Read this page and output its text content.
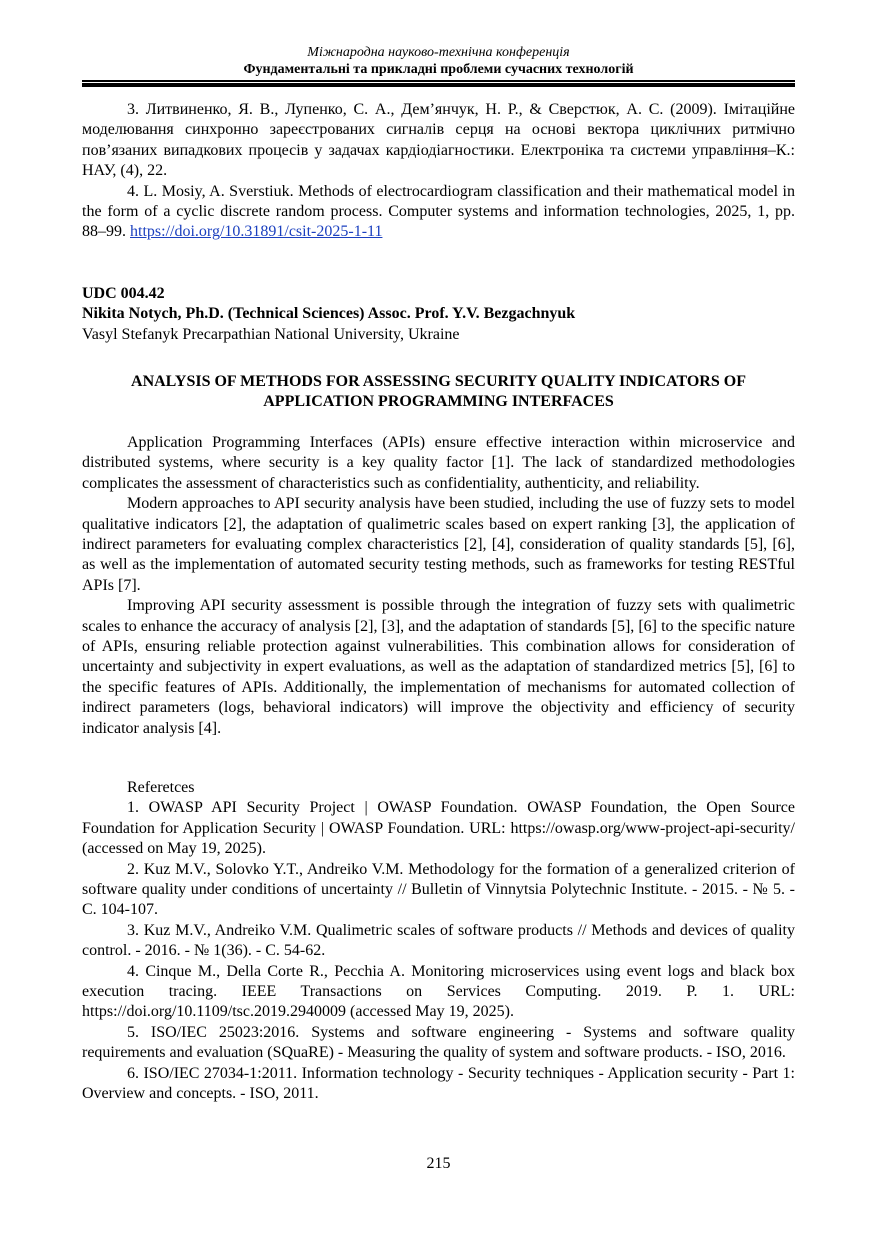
Міжнародна науково-технічна конференція
Фундаментальні та прикладні проблеми сучасних технологій

3. Литвиненко, Я. В., Лупенко, С. А., Дем’янчук, Н. Р., & Сверстюк, А. С. (2009). Імітаційне моделювання синхронно зареєстрованих сигналів серця на основі вектора циклічних ритмічно пов’язаних випадкових процесів у задачах кардіодіагностики. Електроніка та системи управління–К.: НАУ, (4), 22.

4. L. Mosiy, A. Sverstiuk. Methods of electrocardiogram classification and their mathematical model in the form of a cyclic discrete random process. Computer systems and information technologies, 2025, 1, pp. 88–99. https://doi.org/10.31891/csit-2025-1-11

UDC 004.42
Nikita Notych, Ph.D. (Technical Sciences) Assoc. Prof. Y.V. Bezgachnyuk
Vasyl Stefanyk Precarpathian National University, Ukraine
ANALYSIS OF METHODS FOR ASSESSING SECURITY QUALITY INDICATORS OF
APPLICATION PROGRAMMING INTERFACES

Application Programming Interfaces (APIs) ensure effective interaction within microservice and distributed systems, where security is a key quality factor [1]. The lack of standardized methodologies complicates the assessment of characteristics such as confidentiality, authenticity, and reliability.

Modern approaches to API security analysis have been studied, including the use of fuzzy sets to model qualitative indicators [2], the adaptation of qualimetric scales based on expert ranking [3], the application of indirect parameters for evaluating complex characteristics [2], [4], consideration of quality standards [5], [6], as well as the implementation of automated security testing methods, such as frameworks for testing RESTful APIs [7].

Improving API security assessment is possible through the integration of fuzzy sets with qualimetric scales to enhance the accuracy of analysis [2], [3], and the adaptation of standards [5], [6] to the specific nature of APIs, ensuring reliable protection against vulnerabilities. This combination allows for consideration of uncertainty and subjectivity in expert evaluations, as well as the adaptation of standardized metrics [5], [6] to the specific features of APIs. Additionally, the implementation of mechanisms for automated collection of indirect parameters (logs, behavioral indicators) will improve the objectivity and efficiency of security indicator analysis [4].

Referetces

1. OWASP API Security Project | OWASP Foundation. OWASP Foundation, the Open Source Foundation for Application Security | OWASP Foundation. URL: https://owasp.org/www-project-api-security/ (accessed on May 19, 2025).

2. Kuz M.V., Solovko Y.T., Andreiko V.M. Methodology for the formation of a generalized criterion of software quality under conditions of uncertainty // Bulletin of Vinnytsia Polytechnic Institute. - 2015. - № 5. - С. 104-107.

3. Kuz M.V., Andreiko V.M. Qualimetric scales of software products // Methods and devices of quality control. - 2016. - № 1(36). - С. 54-62.

4. Cinque M., Della Corte R., Pecchia A. Monitoring microservices using event logs and black box execution tracing. IEEE Transactions on Services Computing. 2019. P. 1. URL: https://doi.org/10.1109/tsc.2019.2940009 (accessed May 19, 2025).

5. ISO/IEC 25023:2016. Systems and software engineering - Systems and software quality requirements and evaluation (SQuaRE) - Measuring the quality of system and software products. - ISO, 2016.

6. ISO/IEC 27034-1:2011. Information technology - Security techniques - Application security - Part 1: Overview and concepts. - ISO, 2011.

215
